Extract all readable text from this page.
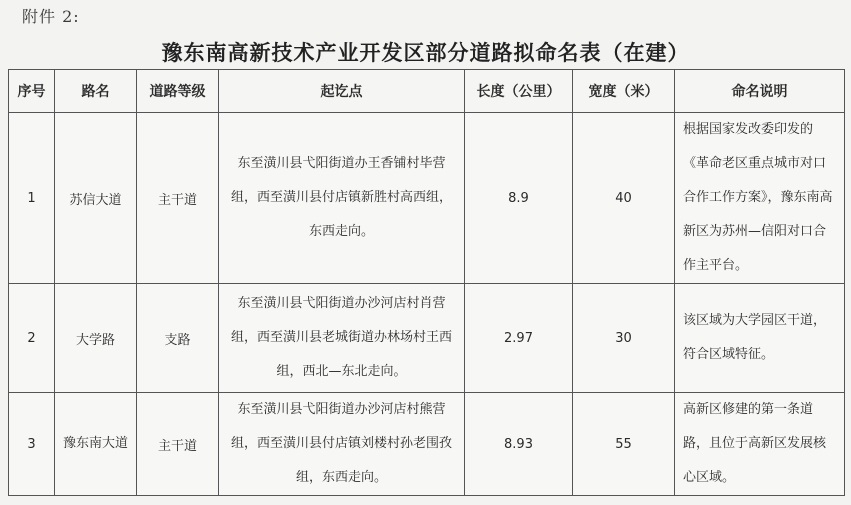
附件 2:
豫东南高新技术产业开发区部分道路拟命名表（在建）
序号	路名	道路等级	起讫点	长度（公里）	宽度（米）	命名说明
1	苏信大道	主干道	东至潢川县弋阳街道办王香铺村毕营组，西至潢川县付店镇新胜村高西组，东西走向。	8.9	40	根据国家发改委印发的《革命老区重点城市对口合作工作方案》，豫东南高新区为苏州—信阳对口合作主平台。
2	大学路	支路	东至潢川县弋阳街道办沙河店村肖营组，西至潢川县老城街道办林场村王西组，西北—东北走向。	2.97	30	该区域为大学园区干道，符合区域特征。
3	豫东南大道	主干道	东至潢川县弋阳街道办沙河店村熊营组，西至潢川县付店镇刘楼村孙老围孜组，东西走向。	8.93	55	高新区修建的第一条道路，且位于高新区发展核心区域。
